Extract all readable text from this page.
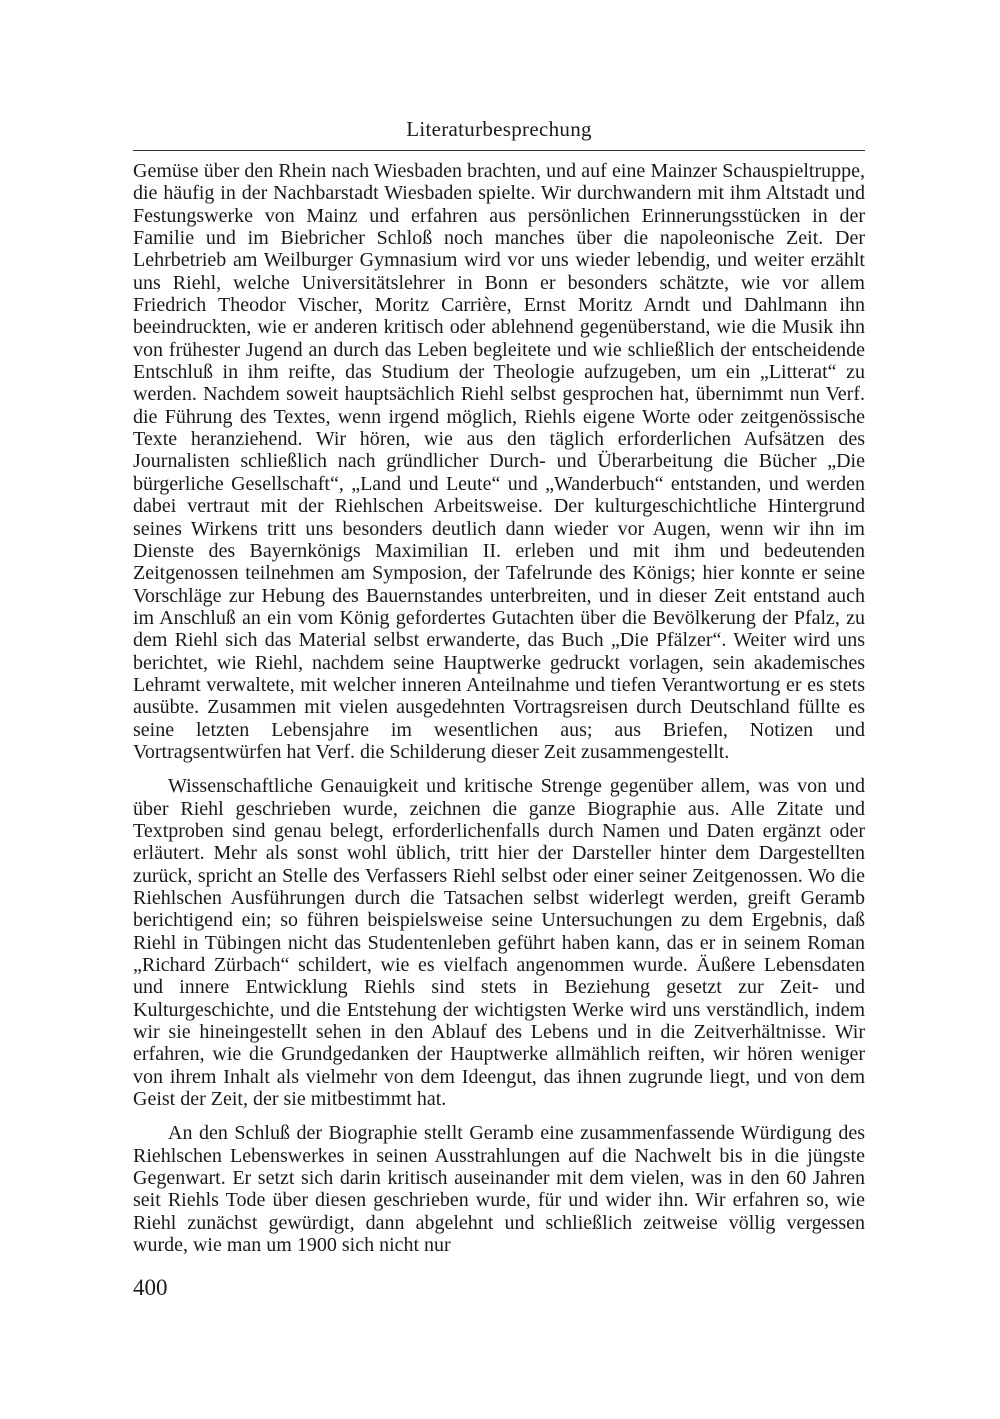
Literaturbesprechung

Gemüse über den Rhein nach Wiesbaden brachten, und auf eine Mainzer Schauspieltruppe, die häufig in der Nachbarstadt Wiesbaden spielte. Wir durchwandern mit ihm Altstadt und Festungswerke von Mainz und erfahren aus persönlichen Erinnerungsstücken in der Familie und im Biebricher Schloß noch manches über die napoleonische Zeit. Der Lehrbetrieb am Weilburger Gymnasium wird vor uns wieder lebendig, und weiter erzählt uns Riehl, welche Universitätslehrer in Bonn er besonders schätzte, wie vor allem Friedrich Theodor Vischer, Moritz Carrière, Ernst Moritz Arndt und Dahlmann ihn beeindruckten, wie er anderen kritisch oder ablehnend gegenüberstand, wie die Musik ihn von frühester Jugend an durch das Leben begleitete und wie schließlich der entscheidende Entschluß in ihm reifte, das Studium der Theologie aufzugeben, um ein „Litterat“ zu werden. Nachdem soweit hauptsächlich Riehl selbst gesprochen hat, übernimmt nun Verf. die Führung des Textes, wenn irgend möglich, Riehls eigene Worte oder zeitgenössische Texte heranziehend. Wir hören, wie aus den täglich erforderlichen Aufsätzen des Journalisten schließlich nach gründlicher Durch- und Überarbeitung die Bücher „Die bürgerliche Gesellschaft“, „Land und Leute“ und „Wanderbuch“ entstanden, und werden dabei vertraut mit der Riehlschen Arbeitsweise. Der kulturgeschichtliche Hintergrund seines Wirkens tritt uns besonders deutlich dann wieder vor Augen, wenn wir ihn im Dienste des Bayernkönigs Maximilian II. erleben und mit ihm und bedeutenden Zeitgenossen teilnehmen am Symposion, der Tafelrunde des Königs; hier konnte er seine Vorschläge zur Hebung des Bauernstandes unterbreiten, und in dieser Zeit entstand auch im Anschluß an ein vom König gefordertes Gutachten über die Bevölkerung der Pfalz, zu dem Riehl sich das Material selbst erwanderte, das Buch „Die Pfälzer“. Weiter wird uns berichtet, wie Riehl, nachdem seine Hauptwerke gedruckt vorlagen, sein akademisches Lehramt verwaltete, mit welcher inneren Anteilnahme und tiefen Verantwortung er es stets ausübte. Zusammen mit vielen ausgedehnten Vortragsreisen durch Deutschland füllte es seine letzten Lebensjahre im wesentlichen aus; aus Briefen, Notizen und Vortragsentwürfen hat Verf. die Schilderung dieser Zeit zusammengestellt.

Wissenschaftliche Genauigkeit und kritische Strenge gegenüber allem, was von und über Riehl geschrieben wurde, zeichnen die ganze Biographie aus. Alle Zitate und Textproben sind genau belegt, erforderlichenfalls durch Namen und Daten ergänzt oder erläutert. Mehr als sonst wohl üblich, tritt hier der Darsteller hinter dem Dargestellten zurück, spricht an Stelle des Verfassers Riehl selbst oder einer seiner Zeitgenossen. Wo die Riehlschen Ausführungen durch die Tatsachen selbst widerlegt werden, greift Geramb berichtigend ein; so führen beispielsweise seine Untersuchungen zu dem Ergebnis, daß Riehl in Tübingen nicht das Studentenleben geführt haben kann, das er in seinem Roman „Richard Zürbach“ schildert, wie es vielfach angenommen wurde. Äußere Lebensdaten und innere Entwicklung Riehls sind stets in Beziehung gesetzt zur Zeit- und Kulturgeschichte, und die Entstehung der wichtigsten Werke wird uns verständlich, indem wir sie hineingestellt sehen in den Ablauf des Lebens und in die Zeitverhältnisse. Wir erfahren, wie die Grundgedanken der Hauptwerke allmählich reiften, wir hören weniger von ihrem Inhalt als vielmehr von dem Ideengut, das ihnen zugrunde liegt, und von dem Geist der Zeit, der sie mitbestimmt hat.

An den Schluß der Biographie stellt Geramb eine zusammenfassende Würdigung des Riehlschen Lebenswerkes in seinen Ausstrahlungen auf die Nachwelt bis in die jüngste Gegenwart. Er setzt sich darin kritisch auseinander mit dem vielen, was in den 60 Jahren seit Riehls Tode über diesen geschrieben wurde, für und wider ihn. Wir erfahren so, wie Riehl zunächst gewürdigt, dann abgelehnt und schließlich zeitweise völlig vergessen wurde, wie man um 1900 sich nicht nur

400
